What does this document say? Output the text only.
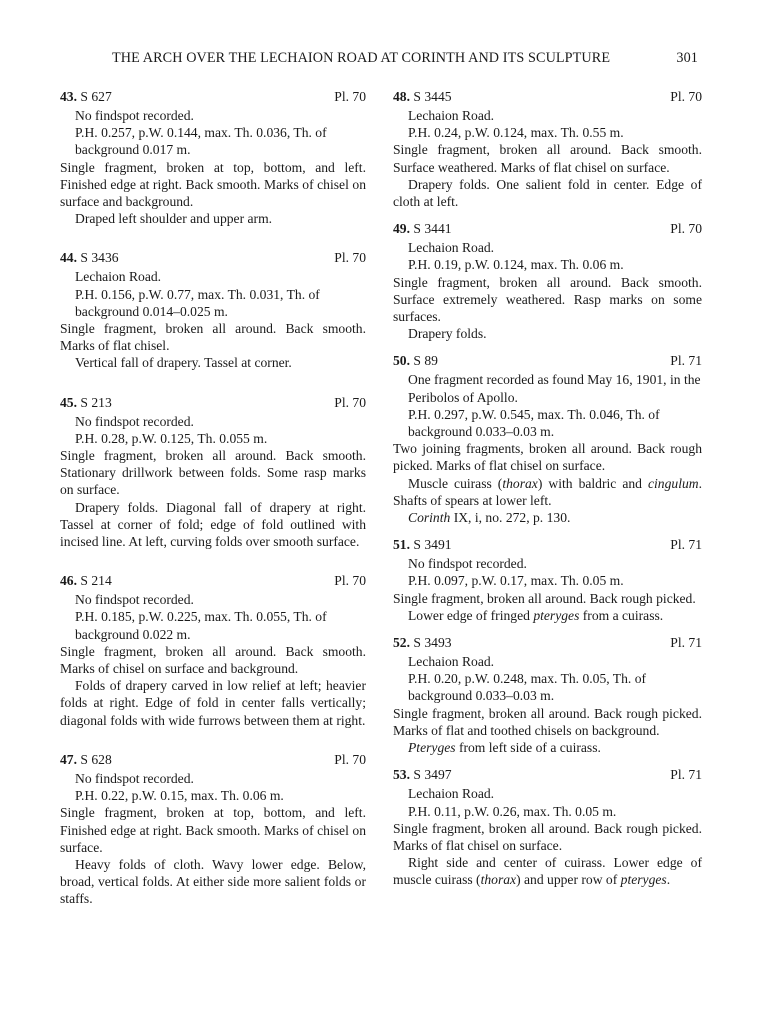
THE ARCH OVER THE LECHAION ROAD AT CORINTH AND ITS SCULPTURE	301
43. S 627	Pl. 70
No findspot recorded.
P.H. 0.257, p.W. 0.144, max. Th. 0.036, Th. of background 0.017 m.
Single fragment, broken at top, bottom, and left. Finished edge at right. Back smooth. Marks of chisel on surface and background.
Draped left shoulder and upper arm.
44. S 3436	Pl. 70
Lechaion Road.
P.H. 0.156, p.W. 0.77, max. Th. 0.031, Th. of background 0.014–0.025 m.
Single fragment, broken all around. Back smooth. Marks of flat chisel.
Vertical fall of drapery. Tassel at corner.
45. S 213	Pl. 70
No findspot recorded.
P.H. 0.28, p.W. 0.125, Th. 0.055 m.
Single fragment, broken all around. Back smooth. Stationary drillwork between folds. Some rasp marks on surface.
Drapery folds. Diagonal fall of drapery at right. Tassel at corner of fold; edge of fold outlined with incised line. At left, curving folds over smooth surface.
46. S 214	Pl. 70
No findspot recorded.
P.H. 0.185, p.W. 0.225, max. Th. 0.055, Th. of background 0.022 m.
Single fragment, broken all around. Back smooth. Marks of chisel on surface and background.
Folds of drapery carved in low relief at left; heavier folds at right. Edge of fold in center falls vertically; diagonal folds with wide furrows between them at right.
47. S 628	Pl. 70
No findspot recorded.
P.H. 0.22, p.W. 0.15, max. Th. 0.06 m.
Single fragment, broken at top, bottom, and left. Finished edge at right. Back smooth. Marks of chisel on surface.
Heavy folds of cloth. Wavy lower edge. Below, broad, vertical folds. At either side more salient folds or staffs.
48. S 3445	Pl. 70
Lechaion Road.
P.H. 0.24, p.W. 0.124, max. Th. 0.55 m.
Single fragment, broken all around. Back smooth. Surface weathered. Marks of flat chisel on surface.
Drapery folds. One salient fold in center. Edge of cloth at left.
49. S 3441	Pl. 70
Lechaion Road.
P.H. 0.19, p.W. 0.124, max. Th. 0.06 m.
Single fragment, broken all around. Back smooth. Surface extremely weathered. Rasp marks on some surfaces.
Drapery folds.
50. S 89	Pl. 71
One fragment recorded as found May 16, 1901, in the Peribolos of Apollo.
P.H. 0.297, p.W. 0.545, max. Th. 0.046, Th. of background 0.033–0.03 m.
Two joining fragments, broken all around. Back rough picked. Marks of flat chisel on surface.
Muscle cuirass (thorax) with baldric and cingulum. Shafts of spears at lower left.
Corinth IX, i, no. 272, p. 130.
51. S 3491	Pl. 71
No findspot recorded.
P.H. 0.097, p.W. 0.17, max. Th. 0.05 m.
Single fragment, broken all around. Back rough picked.
Lower edge of fringed pteryges from a cuirass.
52. S 3493	Pl. 71
Lechaion Road.
P.H. 0.20, p.W. 0.248, max. Th. 0.05, Th. of background 0.033–0.03 m.
Single fragment, broken all around. Back rough picked. Marks of flat and toothed chisels on background.
Pteryges from left side of a cuirass.
53. S 3497	Pl. 71
Lechaion Road.
P.H. 0.11, p.W. 0.26, max. Th. 0.05 m.
Single fragment, broken all around. Back rough picked. Marks of flat chisel on surface.
Right side and center of cuirass. Lower edge of muscle cuirass (thorax) and upper row of pteryges.
